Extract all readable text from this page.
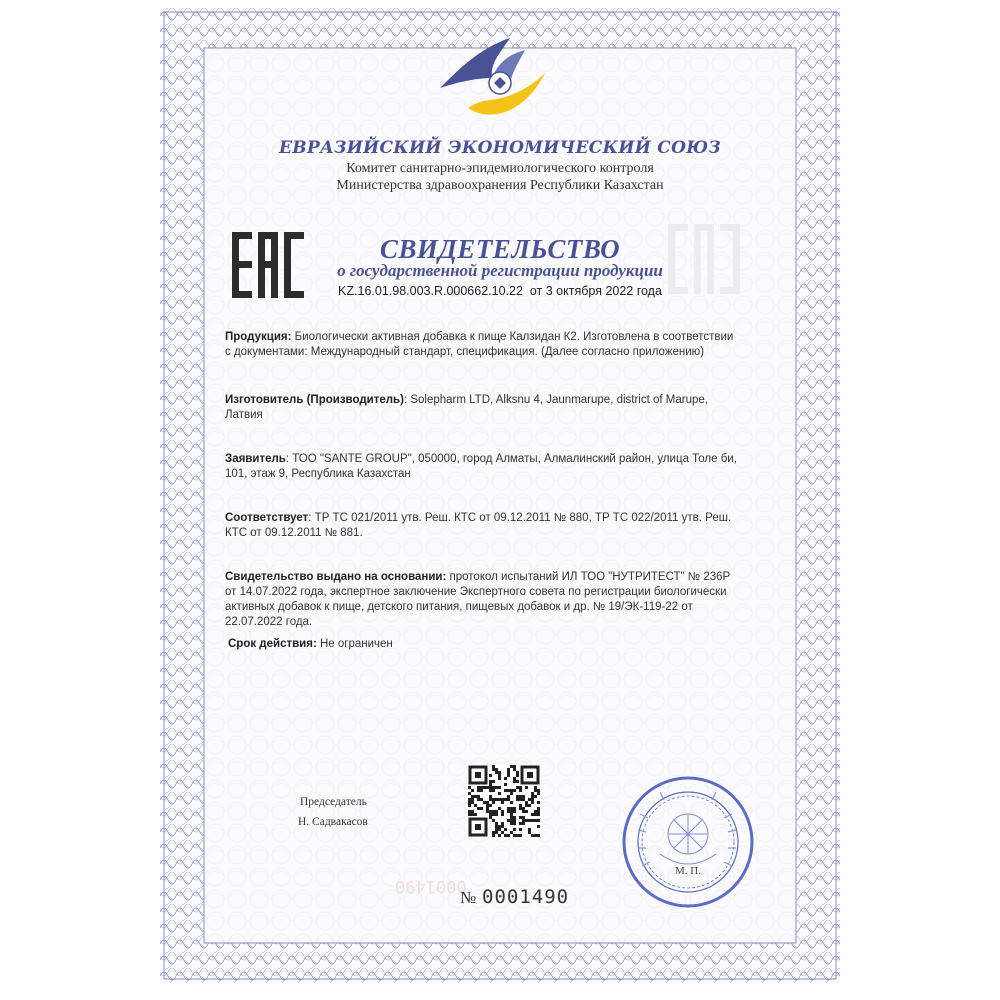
ЕВРАЗИЙСКИЙ ЭКОНОМИЧЕСКИЙ СОЮЗ
Комитет санитарно-эпидемиологического контроля
Министерства здравоохранения Республики Казахстан
СВИДЕТЕЛЬСТВО
о государственной регистрации продукции
KZ.16.01.98.003.R.000662.10.22 от 3 октября 2022 года
Продукция: Биологически активная добавка к пище Калзидан К2. Изготовлена в соответствии
с документами: Международный стандарт, спецификация. (Далее согласно приложению)
Изготовитель (Производитель): Solepharm LTD, Alksnu 4, Jaunmarupe, district of Marupe,
Латвия
Заявитель: ТОО "SANTE GROUP", 050000, город Алматы, Алмалинский район, улица Толе би,
101, этаж 9, Республика Казахстан
Соответствует: ТР ТС 021/2011 утв. Реш. КТС от 09.12.2011 № 880, ТР ТС 022/2011 утв. Реш.
КТС от 09.12.2011 № 881.
Свидетельство выдано на основании: протокол испытаний ИЛ ТОО "НУТРИТЕСТ" № 236Р
от 14.07.2022 года, экспертное заключение Экспертного совета по регистрации биологически
активных добавок к пище, детского питания, пищевых добавок и др. № 19/ЭК-119-22 от
22.07.2022 года.
Срок действия: Не ограничен
Председатель
Н. Садвакасов
М. П.
0001490
№ 0001490
